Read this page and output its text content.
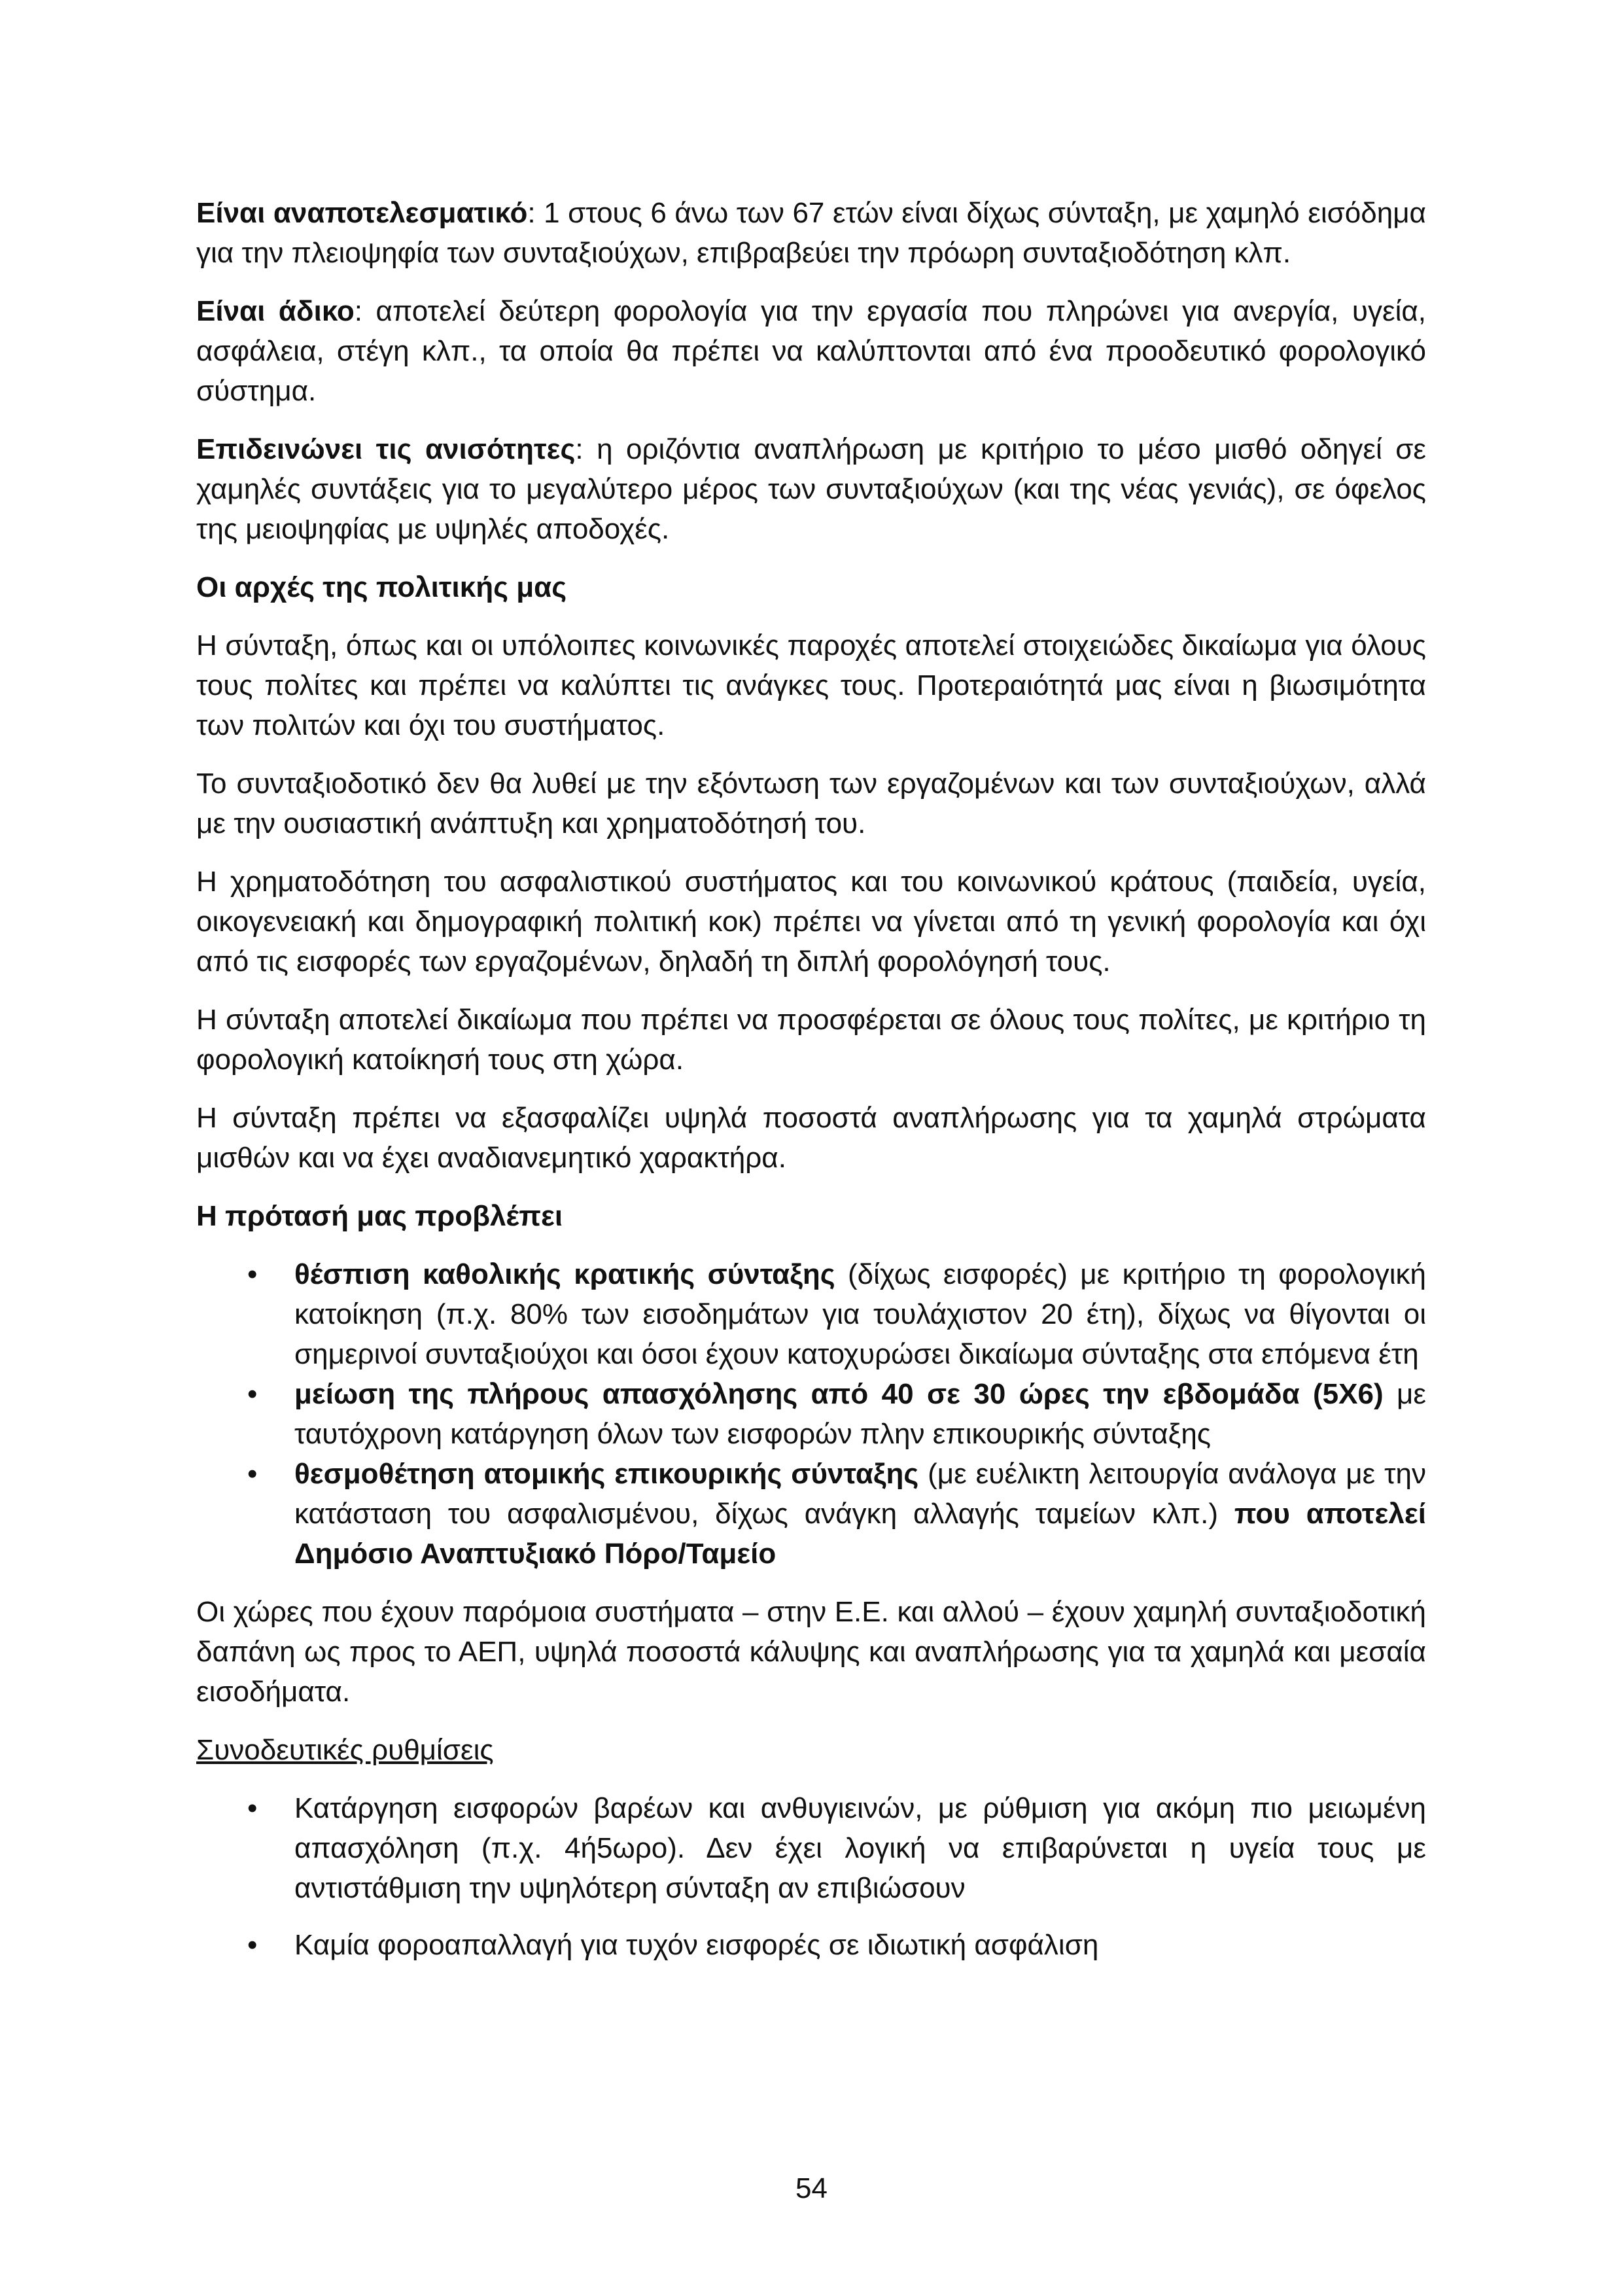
Είναι αναποτελεσματικό: 1 στους 6 άνω των 67 ετών είναι δίχως σύνταξη, με χαμηλό εισόδημα για την πλειοψηφία των συνταξιούχων, επιβραβεύει την πρόωρη συνταξιοδότηση κλπ.

Είναι άδικο: αποτελεί δεύτερη φορολογία για την εργασία που πληρώνει για ανεργία, υγεία, ασφάλεια, στέγη κλπ., τα οποία θα πρέπει να καλύπτονται από ένα προοδευτικό φορολογικό σύστημα.

Επιδεινώνει τις ανισότητες: η οριζόντια αναπλήρωση με κριτήριο το μέσο μισθό οδηγεί σε χαμηλές συντάξεις για το μεγαλύτερο μέρος των συνταξιούχων (και της νέας γενιάς), σε όφελος της μειοψηφίας με υψηλές αποδοχές.

Οι αρχές της πολιτικής μας

Η σύνταξη, όπως και οι υπόλοιπες κοινωνικές παροχές αποτελεί στοιχειώδες δικαίωμα για όλους τους πολίτες και πρέπει να καλύπτει τις ανάγκες τους. Προτεραιότητά μας είναι η βιωσιμότητα των πολιτών και όχι του συστήματος.

Το συνταξιοδοτικό δεν θα λυθεί με την εξόντωση των εργαζομένων και των συνταξιούχων, αλλά με την ουσιαστική ανάπτυξη και χρηματοδότησή του.

Η χρηματοδότηση του ασφαλιστικού συστήματος και του κοινωνικού κράτους (παιδεία, υγεία, οικογενειακή και δημογραφική πολιτική κοκ) πρέπει να γίνεται από τη γενική φορολογία και όχι από τις εισφορές των εργαζομένων, δηλαδή τη διπλή φορολόγησή τους.

Η σύνταξη αποτελεί δικαίωμα που πρέπει να προσφέρεται σε όλους τους πολίτες, με κριτήριο τη φορολογική κατοίκησή τους στη χώρα.

Η σύνταξη πρέπει να εξασφαλίζει υψηλά ποσοστά αναπλήρωσης για τα χαμηλά στρώματα μισθών και να έχει αναδιανεμητικό χαρακτήρα.

Η πρότασή μας προβλέπει
• θέσπιση καθολικής κρατικής σύνταξης (δίχως εισφορές) με κριτήριο τη φορολογική κατοίκηση (π.χ. 80% των εισοδημάτων για τουλάχιστον 20 έτη), δίχως να θίγονται οι σημερινοί συνταξιούχοι και όσοι έχουν κατοχυρώσει δικαίωμα σύνταξης στα επόμενα έτη
• μείωση της πλήρους απασχόλησης από 40 σε 30 ώρες την εβδομάδα (5Χ6) με ταυτόχρονη κατάργηση όλων των εισφορών πλην επικουρικής σύνταξης
• θεσμοθέτηση ατομικής επικουρικής σύνταξης (με ευέλικτη λειτουργία ανάλογα με την κατάσταση του ασφαλισμένου, δίχως ανάγκη αλλαγής ταμείων κλπ.) που αποτελεί Δημόσιο Αναπτυξιακό Πόρο/Ταμείο

Οι χώρες που έχουν παρόμοια συστήματα – στην Ε.Ε. και αλλού – έχουν χαμηλή συνταξιοδοτική δαπάνη ως προς το ΑΕΠ, υψηλά ποσοστά κάλυψης και αναπλήρωσης για τα χαμηλά και μεσαία εισοδήματα.

Συνοδευτικές ρυθμίσεις
• Κατάργηση εισφορών βαρέων και ανθυγιεινών, με ρύθμιση για ακόμη πιο μειωμένη απασχόληση (π.χ. 4ή5ωρο). Δεν έχει λογική να επιβαρύνεται η υγεία τους με αντιστάθμιση την υψηλότερη σύνταξη αν επιβιώσουν
• Καμία φοροαπαλλαγή για τυχόν εισφορές σε ιδιωτική ασφάλιση
54
